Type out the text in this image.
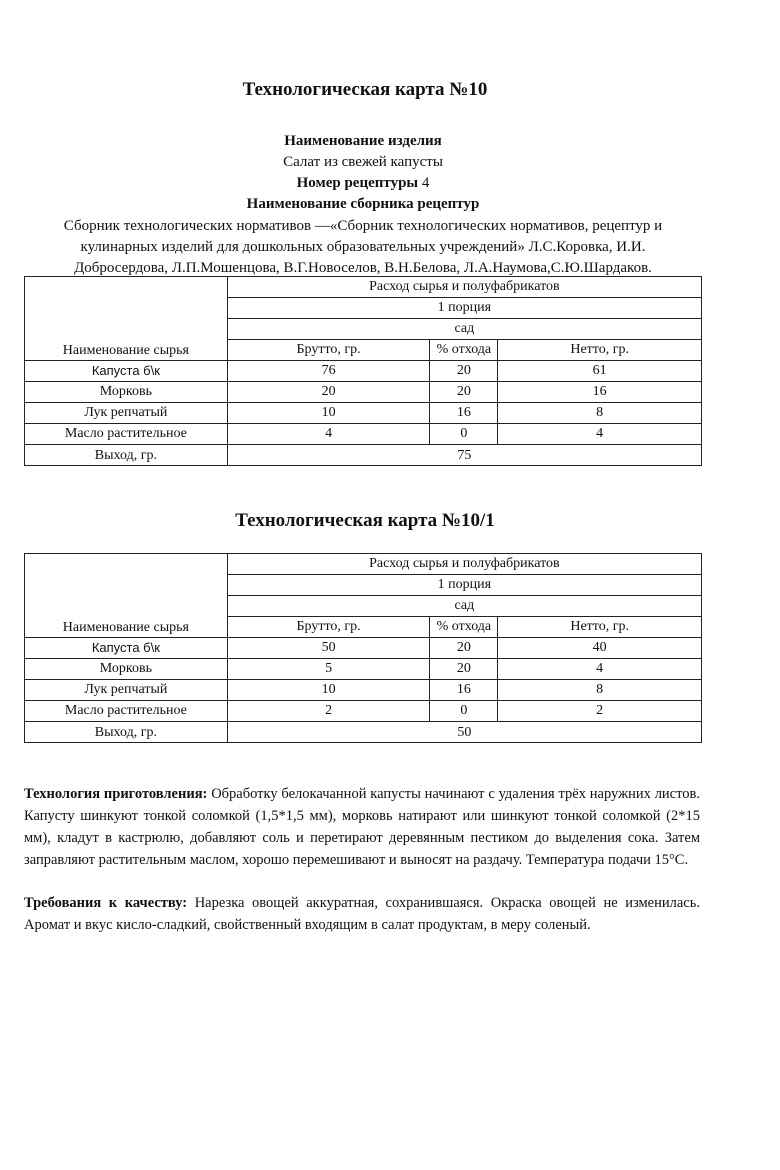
Технологическая карта №10
Наименование изделия
Салат из свежей капусты
Номер рецептуры 4
Наименование сборника рецептур
Сборник технологических нормативов —«Сборник технологических нормативов, рецептур и кулинарных изделий для дошкольных образовательных учреждений» Л.С.Коровка, И.И. Добросердова, Л.П.Мошенцова, В.Г.Новоселов, В.Н.Белова, Л.А.Наумова,С.Ю.Шардаков.
Наименование сырья	Расход сырья и полуфабрикатов		
	1 порция		
	сад		
	Брутто, гр.	% отхода	Нетто, гр.
Капуста б\к	76	20	61
Морковь	20	20	16
Лук репчатый	10	16	8
Масло растительное	4	0	4
Выход, гр.	75		
Технологическая карта №10/1
Наименование сырья	Расход сырья и полуфабрикатов		
	1 порция		
	сад		
	Брутто, гр.	% отхода	Нетто, гр.
Капуста б\к	50	20	40
Морковь	5	20	4
Лук репчатый	10	16	8
Масло растительное	2	0	2
Выход, гр.	50		
Технология приготовления: Обработку белокачанной капусты начинают с удаления трёх наружних листов. Капусту шинкуют тонкой соломкой (1,5*1,5 мм), морковь натирают или шинкуют тонкой соломкой (2*15 мм), кладут в кастрюлю, добавляют соль и перетирают деревянным пестиком до выделения сока. Затем заправляют растительным маслом, хорошо перемешивают и выносят на раздачу. Температура подачи 15°С.
Требования к качеству: Нарезка овощей аккуратная, сохранившаяся. Окраска овощей не изменилась. Аромат и вкус кисло-сладкий, свойственный входящим в салат продуктам, в меру соленый.
